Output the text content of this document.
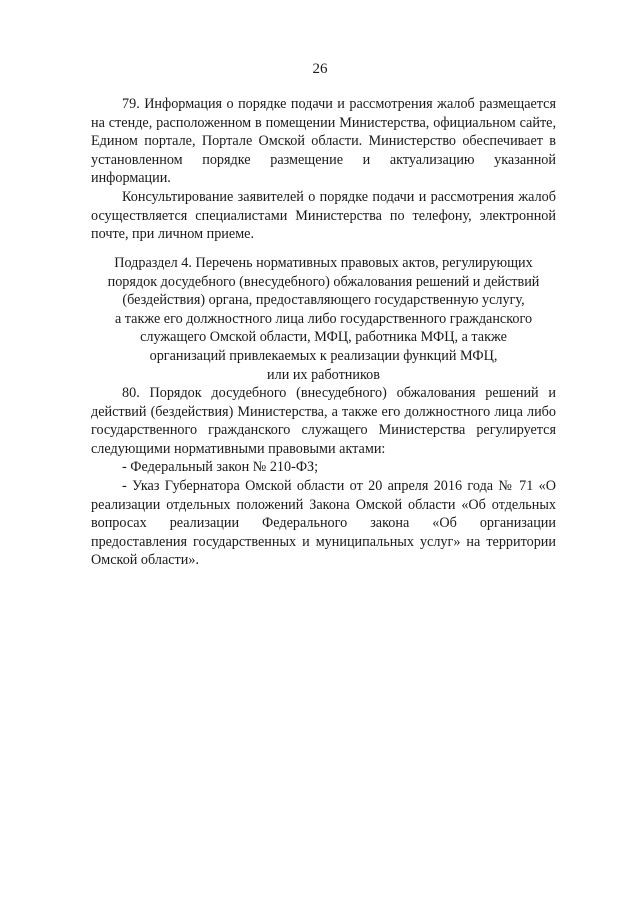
26

79. Информация о порядке подачи и рассмотрения жалоб размещается на стенде, расположенном в помещении Министерства, официальном сайте, Едином портале, Портале Омской области. Министерство обеспечивает в установленном порядке размещение и актуализацию указанной информации.

Консультирование заявителей о порядке подачи и рассмотрения жалоб осуществляется специалистами Министерства по телефону, электронной почте, при личном приеме.

Подраздел 4. Перечень нормативных правовых актов, регулирующих
порядок досудебного (внесудебного) обжалования решений и действий
(бездействия) органа, предоставляющего государственную услугу,
а также его должностного лица либо государственного гражданского
служащего Омской области, МФЦ, работника МФЦ, а также
организаций привлекаемых к реализации функций МФЦ,
или их работников

80. Порядок досудебного (внесудебного) обжалования решений и действий (бездействия) Министерства, а также его должностного лица либо государственного гражданского служащего Министерства регулируется следующими нормативными правовыми актами:

- Федеральный закон № 210-ФЗ;

- Указ Губернатора Омской области от 20 апреля 2016 года № 71 «О реализации отдельных положений Закона Омской области «Об отдельных вопросах реализации Федерального закона «Об организации предоставления государственных и муниципальных услуг» на территории Омской области».
